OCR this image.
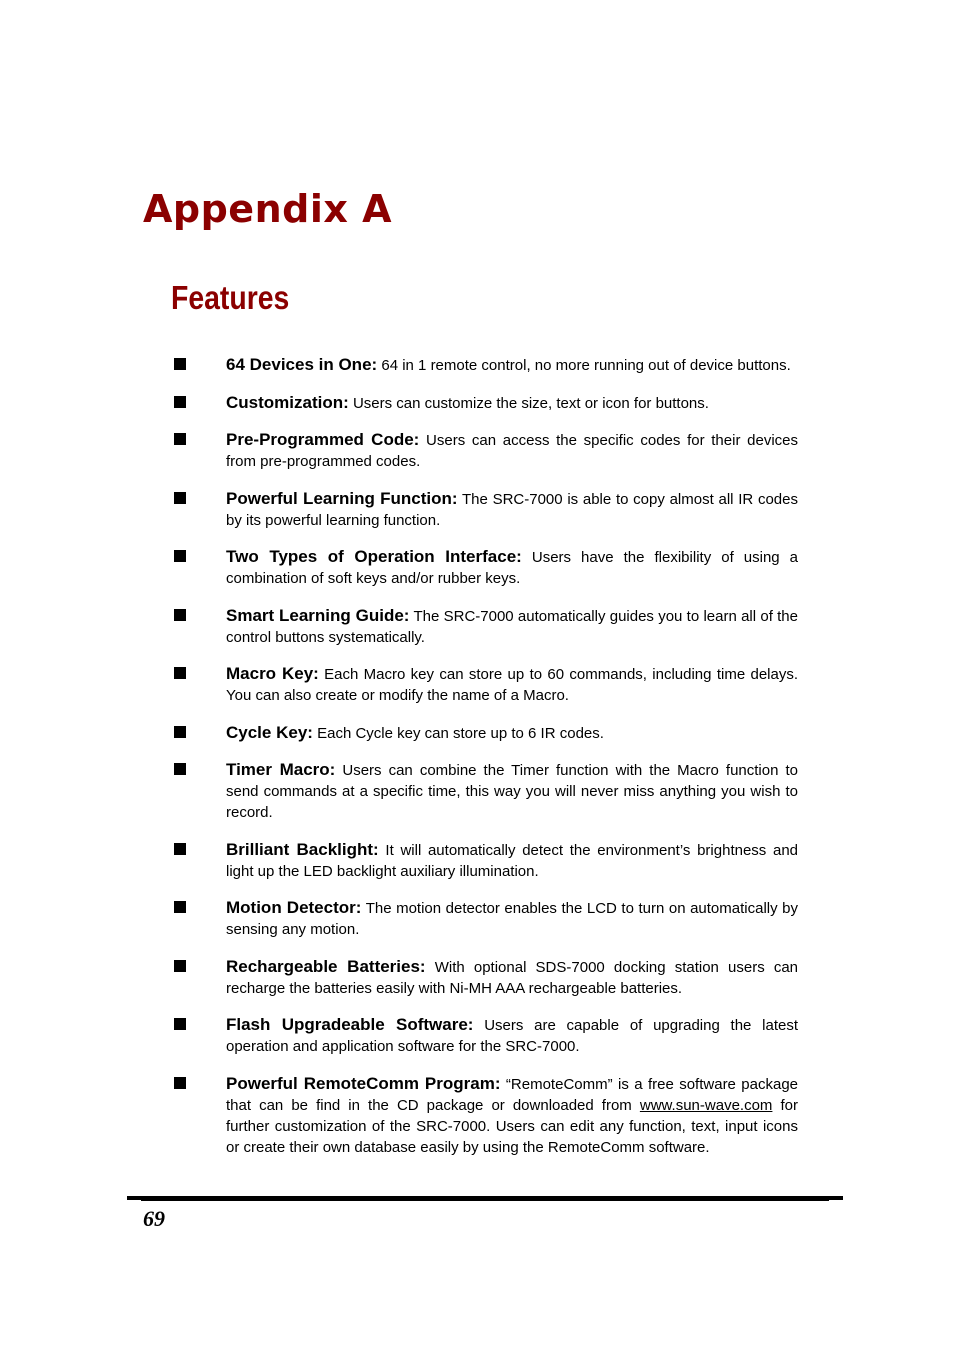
Appendix A
Features
64 Devices in One: 64 in 1 remote control, no more running out of device buttons.
Customization: Users can customize the size, text or icon for buttons.
Pre-Programmed Code: Users can access the specific codes for their devices from pre-programmed codes.
Powerful Learning Function: The SRC-7000 is able to copy almost all IR codes by its powerful learning function.
Two Types of Operation Interface: Users have the flexibility of using a combination of soft keys and/or rubber keys.
Smart Learning Guide: The SRC-7000 automatically guides you to learn all of the control buttons systematically.
Macro Key: Each Macro key can store up to 60 commands, including time delays. You can also create or modify the name of a Macro.
Cycle Key: Each Cycle key can store up to 6 IR codes.
Timer Macro: Users can combine the Timer function with the Macro function to send commands at a specific time, this way you will never miss anything you wish to record.
Brilliant Backlight: It will automatically detect the environment’s brightness and light up the LED backlight auxiliary illumination.
Motion Detector: The motion detector enables the LCD to turn on automatically by sensing any motion.
Rechargeable Batteries: With optional SDS-7000 docking station users can recharge the batteries easily with Ni-MH AAA rechargeable batteries.
Flash Upgradeable Software: Users are capable of upgrading the latest operation and application software for the SRC-7000.
Powerful RemoteComm Program: “RemoteComm” is a free software package that can be find in the CD package or downloaded from www.sun-wave.com for further customization of the SRC-7000. Users can edit any function, text, input icons or create their own database easily by using the RemoteComm software.
69
